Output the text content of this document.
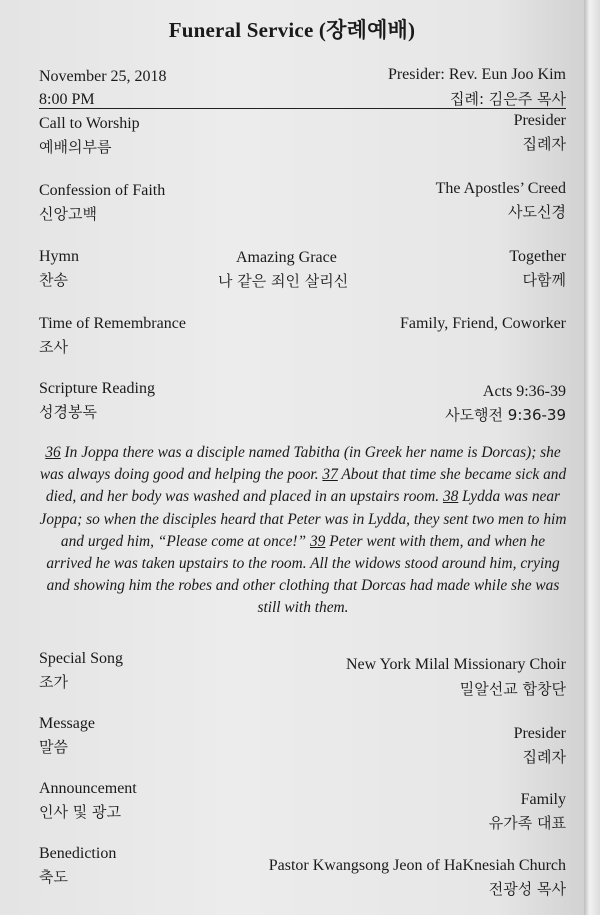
Funeral Service (장례예배)
November 25, 2018	Presider: Rev. Eun Joo Kim
8:00 PM	집례: 김은주 목사
Call to Worship
예배의부름
Presider
집례자
Confession of Faith
신앙고백
The Apostles’ Creed
사도신경
Hymn
찬송
Amazing Grace
나 같은 죄인 살리신
Together
다함께
Time of Remembrance
조사
Family, Friend, Coworker
Scripture Reading
성경봉독
Acts 9:36-39
사도행전 9:36-39
36 In Joppa there was a disciple named Tabitha (in Greek her name is Dorcas); she was always doing good and helping the poor. 37 About that time she became sick and died, and her body was washed and placed in an upstairs room. 38 Lydda was near Joppa; so when the disciples heard that Peter was in Lydda, they sent two men to him and urged him, “Please come at once!” 39 Peter went with them, and when he arrived he was taken upstairs to the room. All the widows stood around him, crying and showing him the robes and other clothing that Dorcas had made while she was still with them.
Special Song
조가
New York Milal Missionary Choir
밀알선교 합창단
Message
말씀
Presider
집례자
Announcement
인사 및 광고
Family
유가족 대표
Benediction
축도
Pastor Kwangsong Jeon of HaKnesiah Church
전광성 목사
